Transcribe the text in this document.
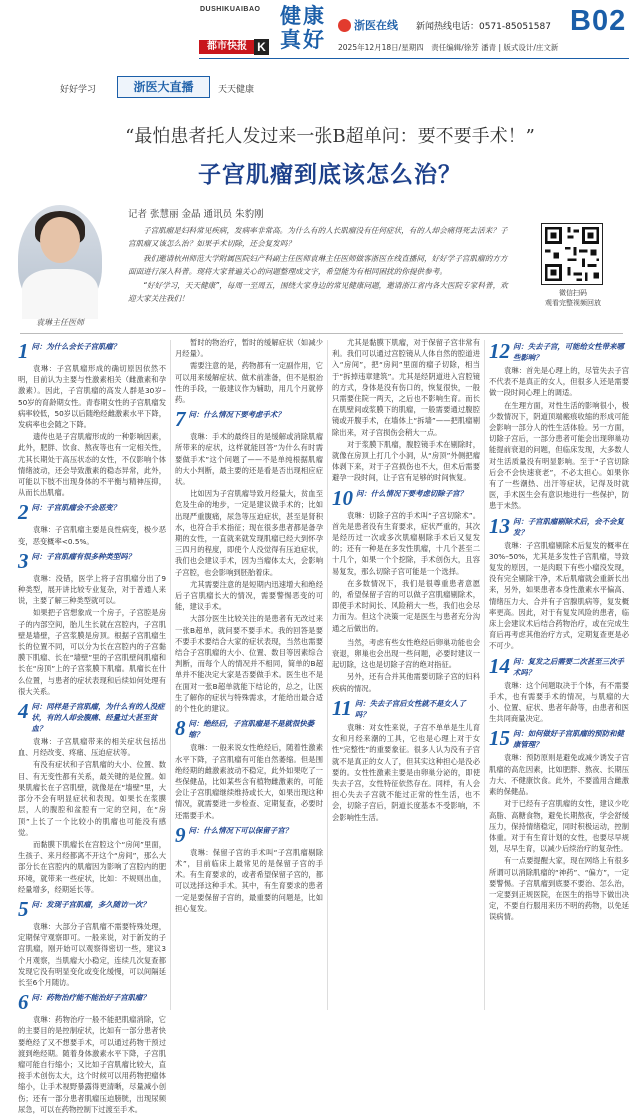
DUSHIKUAIBAO
都市快报 K
健康真好
浙医在线 新闻热线电话：0571-85051587 B02
2025年12月18日/星期四　责任编辑/徐芳 潘青 | 版式设计/庄文新
好好学习	浙医大直播	天天健康
“最怕患者托人发过来一张B超单问：要不要手术！”
子宫肌瘤到底该怎么治？
袁琳主任医师
记者 张慧丽 金晶 通讯员 朱豹刚

子宫肌瘤是妇科常见疾病，发病率非常高。为什么有的人长肌瘤没有任何症状，有的人却会痛得死去活来？子宫肌瘤又该怎么治？如果手术切除，还会复发吗？

我们邀请杭州师范大学附属医院妇产科副主任医师袁琳主任医师做客浙医在线直播间，好好学子宫肌瘤的方方面面进行深入科普。现将大家普遍关心的问题整理成文字，希望能为有相同困扰的你提供参考。

“好好学习，天天健康”，每周一至周五，围绕大家身边的常见健康问题，邀请浙江省内各大医院专家科普，欢迎大家关注我们！

微信扫码
观看完整视频回放
1 问：为什么会长子宫肌瘤？

袁琳：子宫肌瘤形成的确切原因依然不明，目前认为主要与性激素相关（雌激素和孕激素）。因此，子宫肌瘤的高发人群是30岁–50岁的育龄期女性。青春期女性的子宫肌瘤发病率较低，50岁以后随绝经雌激素水平下降，发病率也会随之下降。

遗传也是子宫肌瘤形成的一种影响因素，此外，肥胖、饮食、熬夜等也有一定相关性，尤其长期处于高压状态的女性，不仅影响个体情绪波动，还会导致激素的稳态异常，此外，可能以下肢不出现身体的不平衡与精神压抑，从而长出肌瘤。

2 问：子宫肌瘤会不会恶变？

袁琳：子宫肌瘤主要是良性病变，极少恶变，恶变概率<0.5%。

3 问：子宫肌瘤有很多种类型吗？

袁琳：没错，医学上将子宫肌瘤分出了9种类型，展开讲比较专业复杂，对于普通人来说，主要了解三种类型就可以。

如果把子宫想象成一个房子，子宫腔是房子的内部空间，胎儿生长就在宫腔内，子宫肌壁是墙壁，子宫浆膜是房顶。根据子宫肌瘤生长的位置不同，可以分为长在宫腔内的子宫黏膜下肌瘤、长在“墙壁”里的子宫肌壁间肌瘤和长在“房顶”上的子宫浆膜下肌瘤。肌瘤长在什么位置，与患者的症状表现和后续如何处理有很大关系。

4 问：同样是子宫肌瘤，为什么有的人没症状，有的人却会腹痛、经量过大甚至贫血？

袁琳：子宫肌瘤带来的相关症状包括出血、月经改变、疼痛、压迫症状等。

有没有症状和子宫肌瘤的大小、位置、数目、有无变性都有关系，最关键的是位置。如果肌瘤长在子宫肌壁，就像是在“墙壁”里，大部分不会有明显症状和表现。如果长在浆膜层，人的腹腔和盆腔有一定的空间，在“房顶”上长了一个比较小的肌瘤也可能没有感觉。

而黏膜下肌瘤长在宫腔这个“房间”里面，生孩子、来月经都离不开这个“房间”，那么大部分长在宫腔内的肌瘤因为影响了宫腔内的肥环境，就带来一些症状，比如：不规则出血，经量增多，经期延长等。

5 问：发现子宫肌瘤，多久随访一次？

袁琳：大部分子宫肌瘤不需要特殊处理，定期保守观察即可。一般来说，对于新发的子宫肌瘤，刚开始可以观察得密切一些，建议3个月观察，当肌瘤大小稳定，连续几次复查都发现它没有明显变化或变化缓慢，可以间隔延长至6个月随访。

6 问：药物治疗能不能治好子宫肌瘤？

袁琳：药物治疗一般不能把肌瘤消除，它的主要目的是控制症状，比如有一部分患者快要绝经了又不想要手术，可以通过药物干预过渡到绝经期。随着身体激素水平下降，子宫肌瘤可能自行缩小；又比如子宫肌瘤比较大，直接手术创伤太大，这个时候可以用药物把瘤体缩小，让手术视野暴露得更清晰，尽量减小创伤；还有一部分患者肌瘤压迫膀胱，出现尿频尿急，可以在药物控制下过渡至手术。

暂时的物治疗，暂时的缓解症状（如减少月经量）。

需要注意的是，药物都有一定副作用，它可以用来缓解症状、做术前准备，但不是根治性的手段，一般建议作为辅助，用几个月就停药。

7 问：什么情况下要考虑手术？

袁琳：手术的最终目的是缓解或消除肌瘤所带来的症状，这样就能回答“为什么有时需要做手术”这个问题了——不是单纯根据肌瘤的大小判断，最主要的还是看是否出现相应症状。

比如因为子宫肌瘤导致月经量大，贫血至危及生命的地步，一定是建议做手术的；比如出现严重腹痛，尿急等压迫症状，甚至是肾积水，也符合手术指征；现在很多患者都是备孕期的女性，一直就来就发现肌瘤已经大到怀孕三四月的程度，即使个人没觉得有压迫症状，我们也会建议手术，因为当瘤体太大，会影响子宫腔，也会影响到胚胎着床。

尤其需要注意的是短期内迅速增大和绝经后子宫肌瘤长大的情况，需要警惕恶变的可能，建议手术。

大部分医生比较关注的是患者有无改过来一张B超单，就问要不要手术。我的回答是要不要手术要结合大家的症状表现，当然也需要结合子宫肌瘤的大小、位置、数目等因素综合判断，而每个人的情况并不相同，简单的B超单并不能决定大家是否要做手术。医生也不是在面对一张B超单就能下结论的，总之，让医生了解你的症状与特殊需求，才能给出最合适的个性化的建议。

8 问：绝经后，子宫肌瘤是不是就很快萎缩？

袁琳：一般来说女性绝经后，随着性激素水平下降，子宫肌瘤有可能自然萎缩。但是围绝经期的雌激素波动不稳定，此外如果吃了一些保健品，比如某些含有植物雌激素的，可能会让子宫肌瘤继续维持或长大，如果出现这种情况，就需要进一步检查、定期复查，必要时还需要手术。

9 问：什么情况下可以保留子宫？

袁琳：保留子宫的手术叫“子宫肌瘤剔除术”，目前临床上最常见的是保留子宫的手术。有生育要求的，或者希望保留子宫的，都可以选择这种手术。其中，有生育要求的患者一定是要保留子宫的，最重要的问题是，比如担心复发。

尤其是黏膜下肌瘤，对于保留子宫非常有利。我们可以通过宫腔镜从人体自然的腔道进入“房间”，把“房间”里面的瘤子切除，相当于“拆掉违章建筑”。尤其是经阴道进入宫腔镜的方式，身体是没有伤口的，恢复很快，一般只需要住院一两天，之后也不影响生育。而长在肌壁间或浆膜下的肌瘤，一般需要通过腹腔镜或开腹手术，在墙体上“拆墙”——把肌瘤剔除出来，对子宫损伤会稍大一点。

对于浆膜下肌瘤，腹腔镜手术在剔除时，就像在房顶上打几个小洞，从“房顶”外侧把瘤体剥下来，对于子宫损伤也不大，但术后需要避孕一段时间，让子宫有足够的时间恢复。

10 问：什么情况下要考虑切除子宫？

袁琳：切除子宫的手术叫“子宫切除术”。首先是患者没有生育要求，症状严重的，其次是经历过一次或多次肌瘤剔除手术后又复发的；还有一种是在多发性肌瘤，十几个甚至二十几个，如果一个个挖除，手术创伤大，且容易复发，那么切除子宫可能是一个选择。

在多数情况下，我们是很尊重患者意愿的，希望保留子宫的可以做子宫肌瘤剔除术，即使手术时间长、风险稍大一些，我们也会尽力而为。但这个决策一定是医生与患者充分沟通之后做出的。

当然，考虑有些女性绝经后卵巢功能也会衰退，卵巢也会出现一些问题，必要时建议一起切除，这也是切除子宫的绝对指征。

另外，还有合并其他需要切除子宫的妇科疾病的情况。

11 问：失去子宫后女性就不是女人了吗？

袁琳：对女性来说，子宫不单单是生儿育女和月经来潮的工具，它也是心理上对于女性“完整性”的重要象征。很多人认为没有子宫就不是真正的女人了，但其实这种担心是没必要的。女性性激素主要是由卵巢分泌的，即使失去子宫，女性特征依然存在。同样，有人会担心失去子宫就不能过正常的性生活，也不会，切除子宫后，阴道长度基本不受影响，不会影响性生活。

12 问：失去子宫，可能给女性带来哪些影响？

袁琳：首先是心理上的，尽管失去子宫不代表不是真正的女人，但很多人还是需要做一段时间心理上的调适。

在生理方面，对性生活的影响很小，极少数情况下，阴道顶端瘢痕收缩的形成可能会影响一部分人的性生活体验。另一方面，切除子宫后，一部分患者可能会出现卵巢功能提前衰退的问题，但临床发现，大多数人对生活质量没有明显影响。至于“子宫切除后会不会快速衰老”，不必太担心。如果你有了一些潮热、出汗等症状，记得及时就医，手术医生会有意识地进行一些保护，防患于未然。

13 问：子宫肌瘤剔除术后，会不会复发？

袁琳：子宫肌瘤剔除术后复发的概率在30%–50%，尤其是多发性子宫肌瘤，导致复发的原因，一是肉眼下有些小瘤没发现，没有完全剔除干净，术后肌瘤就会重新长出来，另外，如果患者本身性激素水平偏高、情绪压力大、合并有子宫腺肌病等，复发概率更高。因此，对于有复发风险的患者，临床上会建议术后结合药物治疗，或在完成生育后再考虑其他治疗方式，定期复查更是必不可少。

14 问：复发之后需要二次甚至三次手术吗？

袁琳：这个问题取决于个体，有不需要手术，也有需要手术的情况，与肌瘤的大小、位置、症状、患者年龄等，由患者和医生共同商量决定。

15 问：如何做好子宫肌瘤的预防和健康管理？

袁琳：预防原则是避免或减少诱发子宫肌瘤的高危因素，比如肥胖、熬夜、长期压力大、不健康饮食。此外，不要滥用含雌激素的保健品。

对于已经有子宫肌瘤的女性，建议少吃高脂、高糖食物，避免长期熬夜，学会舒缓压力，保持情绪稳定，同时积极运动，控制体重。对于有生育计划的女性，也要尽早规划，尽早生育，以减少后续治疗的复杂性。

有一点要提醒大家，现在网络上有很多所谓可以消除肌瘤的“神药”、“偏方”，一定要警惕。子宫肌瘤到底要不要治、怎么治，一定要到正规医院，在医生的指导下做出决定，不要自行服用来历不明的药物，以免延误病情。
